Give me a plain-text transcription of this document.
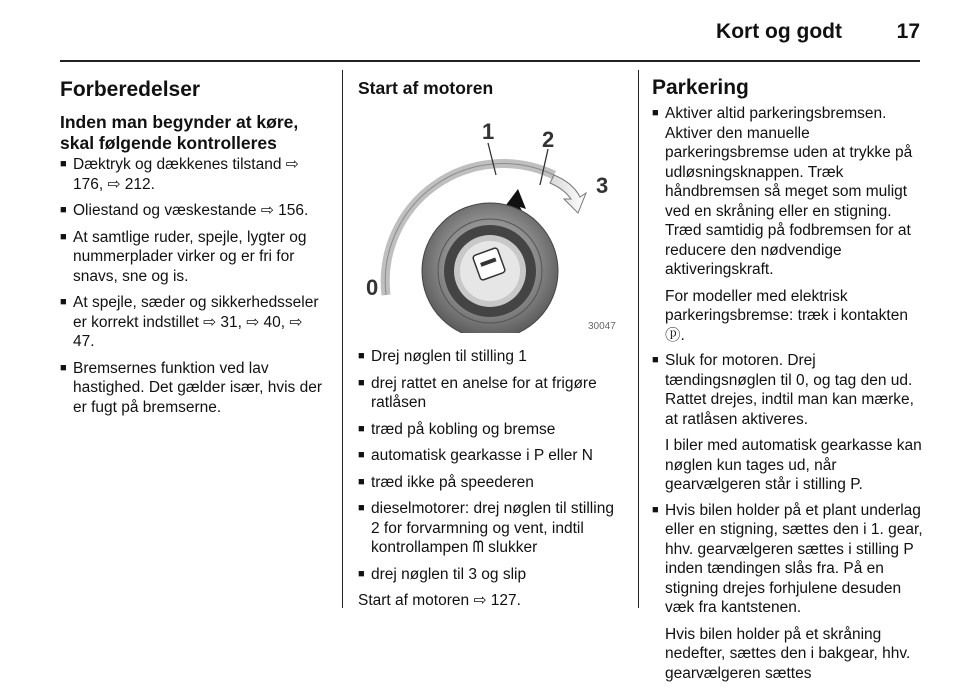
Kort og godt	17
Forberedelser
Inden man begynder at køre, skal følgende kontrolleres
■ Dæktryk og dækkenes tilstand ⇨ 176, ⇨ 212.
■ Oliestand og væskestande ⇨ 156.
■ At samtlige ruder, spejle, lygter og nummerplader virker og er fri for snavs, sne og is.
■ At spejle, sæder og sikkerhedsseler er korrekt indstillet ⇨ 31, ⇨ 40, ⇨ 47.
■ Bremsernes funktion ved lav hastighed. Det gælder især, hvis der er fugt på bremserne.
Start af motoren
1 2
3
0
30047
■ Drej nøglen til stilling 1
■ drej rattet en anelse for at frigøre ratlåsen
■ træd på kobling og bremse
■ automatisk gearkasse i P eller N
■ træd ikke på speederen
■ dieselmotorer: drej nøglen til stilling 2 for forvarmning og vent, indtil kontrollampen ᗰ slukker
■ drej nøglen til 3 og slip

Start af motoren ⇨ 127.

Parkering
■ Aktiver altid parkeringsbremsen. Aktiver den manuelle parkeringsbremse uden at trykke på udløsningsknappen. Træk håndbremsen så meget som muligt ved en skråning eller en stigning. Træd samtidig på fodbremsen for at reducere den nødvendige aktiveringskraft.

For modeller med elektrisk parkeringsbremse: træk i kontakten ⓟ.

■ Sluk for motoren. Drej tændingsnøglen til 0, og tag den ud. Rattet drejes, indtil man kan mærke, at ratlåsen aktiveres.

I biler med automatisk gearkasse kan nøglen kun tages ud, når gearvælgeren står i stilling P.

■ Hvis bilen holder på et plant underlag eller en stigning, sættes den i 1. gear, hhv. gearvælgeren sættes i stilling P inden tændingen slås fra. På en stigning drejes forhjulene desuden væk fra kantstenen.

Hvis bilen holder på et skråning nedefter, sættes den i bakgear, hhv. gearvælgeren sættes
